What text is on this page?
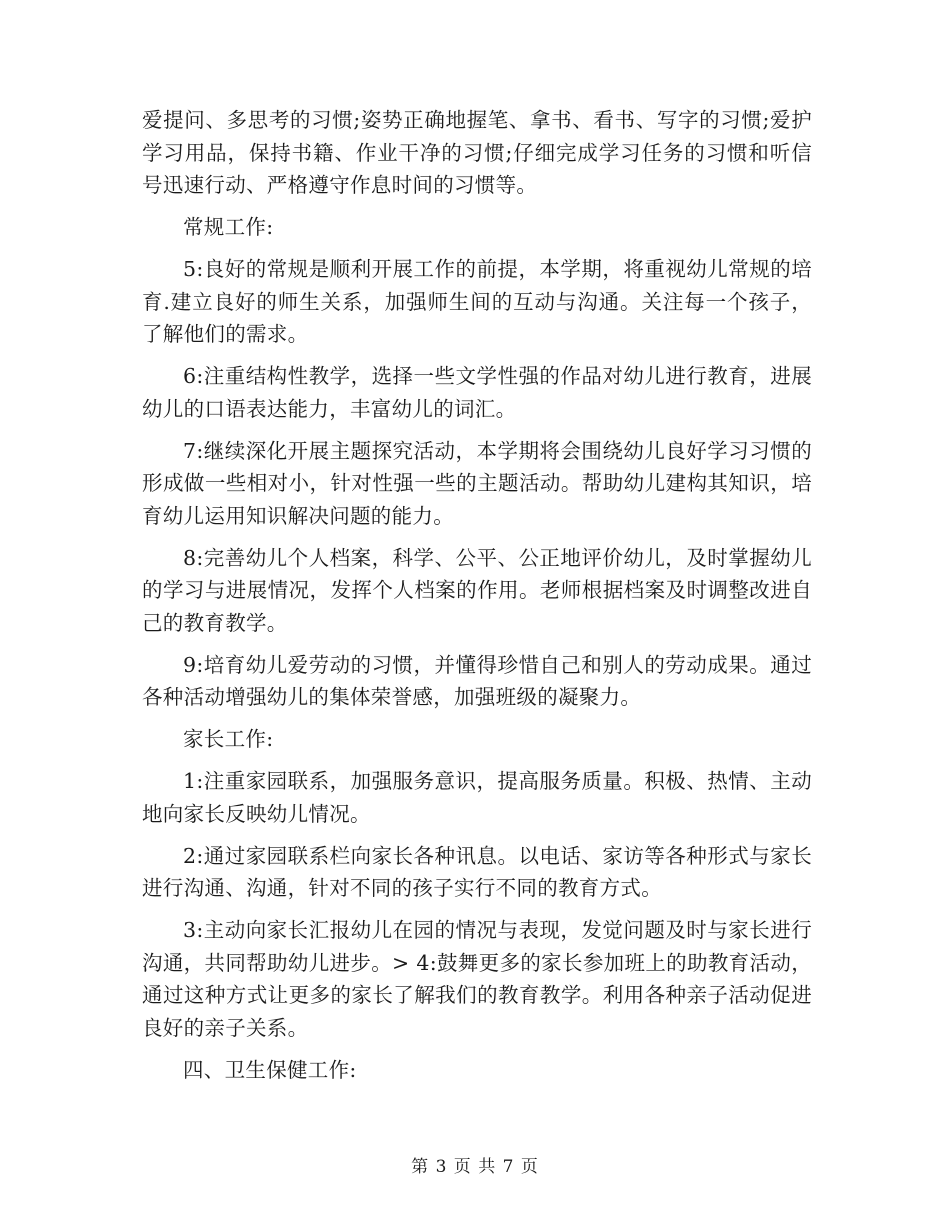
爱提问、多思考的习惯;姿势正确地握笔、拿书、看书、写字的习惯;爱护学习用品，保持书籍、作业干净的习惯;仔细完成学习任务的习惯和听信号迅速行动、严格遵守作息时间的习惯等。

常规工作:

5:良好的常规是顺利开展工作的前提，本学期，将重视幼儿常规的培育.建立良好的师生关系，加强师生间的互动与沟通。关注每一个孩子，了解他们的需求。

6:注重结构性教学，选择一些文学性强的作品对幼儿进行教育，进展幼儿的口语表达能力，丰富幼儿的词汇。

7:继续深化开展主题探究活动，本学期将会围绕幼儿良好学习习惯的形成做一些相对小，针对性强一些的主题活动。帮助幼儿建构其知识，培育幼儿运用知识解决问题的能力。

8:完善幼儿个人档案，科学、公平、公正地评价幼儿，及时掌握幼儿的学习与进展情况，发挥个人档案的作用。老师根据档案及时调整改进自己的教育教学。

9:培育幼儿爱劳动的习惯，并懂得珍惜自己和别人的劳动成果。通过各种活动增强幼儿的集体荣誉感，加强班级的凝聚力。

家长工作:

1:注重家园联系，加强服务意识，提高服务质量。积极、热情、主动地向家长反映幼儿情况。

2:通过家园联系栏向家长各种讯息。以电话、家访等各种形式与家长进行沟通、沟通，针对不同的孩子实行不同的教育方式。

3:主动向家长汇报幼儿在园的情况与表现，发觉问题及时与家长进行沟通，共同帮助幼儿进步。> 4:鼓舞更多的家长参加班上的助教育活动，通过这种方式让更多的家长了解我们的教育教学。利用各种亲子活动促进良好的亲子关系。

四、卫生保健工作:

第 3 页 共 7 页
